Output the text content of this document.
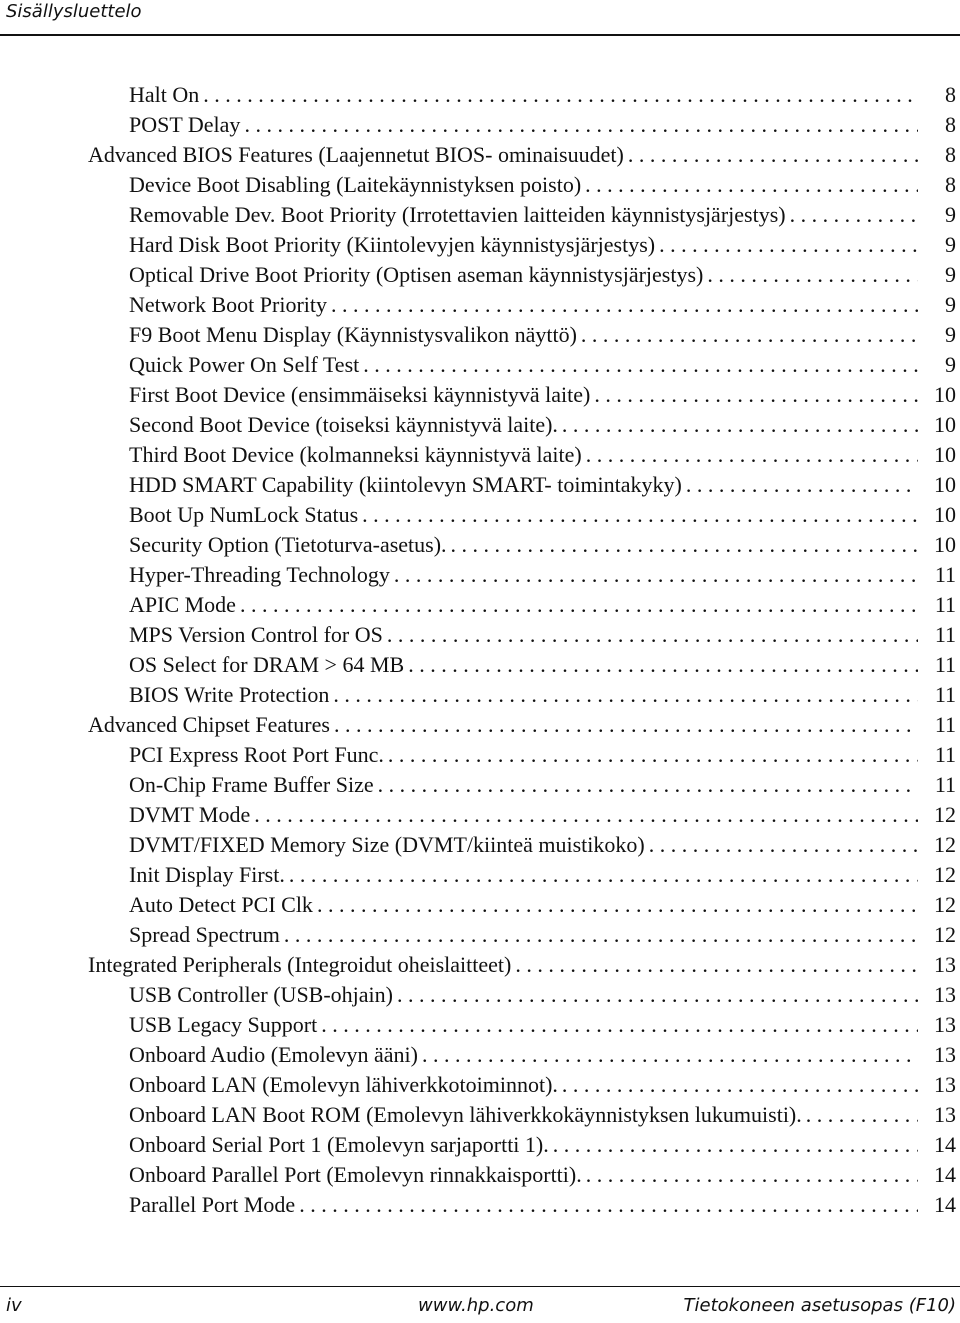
Sisällysluettelo
Halt On . . .	8
POST Delay . . .	8
Advanced BIOS Features (Laajennetut BIOS- ominaisuudet) . . .	8
Device Boot Disabling (Laitekäynnistyksen poisto) . . .	8
Removable Dev. Boot Priority (Irrotettavien laitteiden käynnistysjärjestys) . . .	9
Hard Disk Boot Priority (Kiintolevyjen käynnistysjärjestys) . . .	9
Optical Drive Boot Priority (Optisen aseman käynnistysjärjestys) . . .	9
Network Boot Priority . . .	9
F9 Boot Menu Display (Käynnistysvalikon näyttö) . . .	9
Quick Power On Self Test . . .	9
First Boot Device (ensimmäiseksi käynnistyvä laite) . . .	10
Second Boot Device (toiseksi käynnistyvä laite). . . .	10
Third Boot Device (kolmanneksi käynnistyvä laite) . . .	10
HDD SMART Capability (kiintolevyn SMART- toimintakyky) . . .	10
Boot Up NumLock Status . . .	10
Security Option (Tietoturva-asetus). . . .	10
Hyper-Threading Technology . . .	11
APIC Mode . . .	11
MPS Version Control for OS . . .	11
OS Select for DRAM > 64 MB . . .	11
BIOS Write Protection . . .	11
Advanced Chipset Features . . .	11
PCI Express Root Port Func. . . .	11
On-Chip Frame Buffer Size . . .	11
DVMT Mode . . .	12
DVMT/FIXED Memory Size (DVMT/kiinteä muistikoko) . . .	12
Init Display First. . . .	12
Auto Detect PCI Clk . . .	12
Spread Spectrum . . .	12
Integrated Peripherals (Integroidut oheislaitteet) . . .	13
USB Controller (USB-ohjain) . . .	13
USB Legacy Support . . .	13
Onboard Audio (Emolevyn ääni) . . .	13
Onboard LAN (Emolevyn lähiverkkotoiminnot). . . .	13
Onboard LAN Boot ROM (Emolevyn lähiverkkokäynnistyksen lukumuisti). . . .	13
Onboard Serial Port 1 (Emolevyn sarjaportti 1). . . .	14
Onboard Parallel Port (Emolevyn rinnakkaisportti). . . .	14
Parallel Port Mode . . .	14
iv	www.hp.com	Tietokoneen asetusopas (F10)
